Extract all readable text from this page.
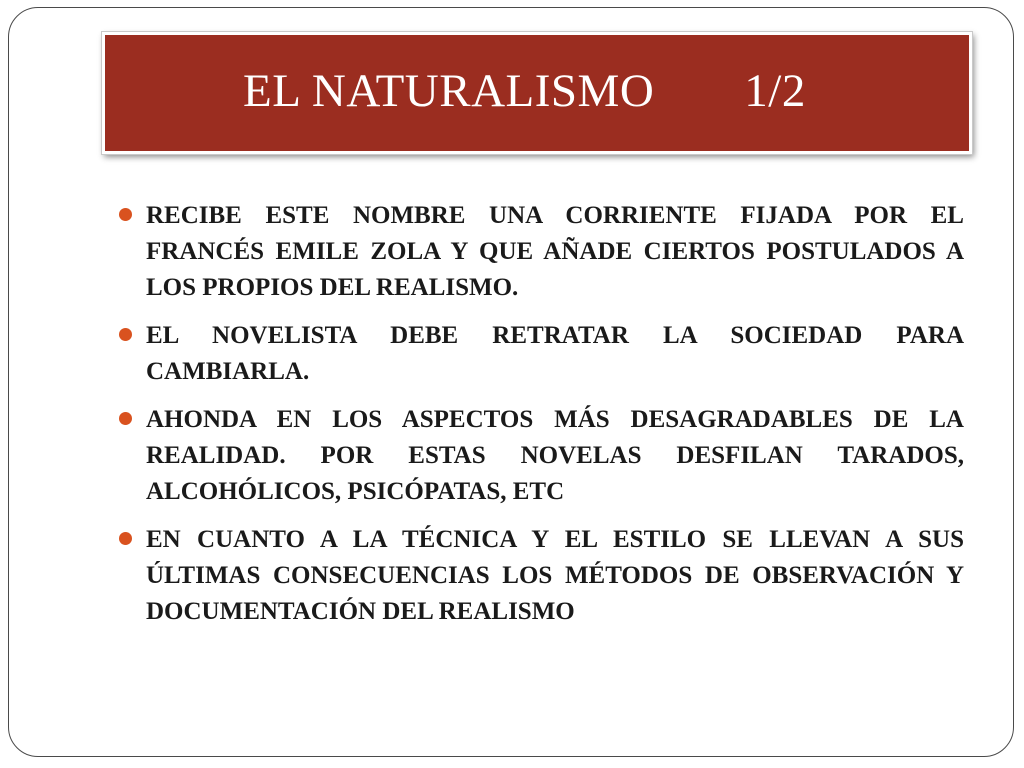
EL NATURALISMO 1/2
RECIBE ESTE NOMBRE UNA CORRIENTE FIJADA POR EL FRANCÉS EMILE ZOLA Y QUE AÑADE CIERTOS POSTULADOS A LOS PROPIOS DEL REALISMO.
EL NOVELISTA DEBE RETRATAR LA SOCIEDAD PARA CAMBIARLA.
AHONDA EN LOS ASPECTOS MÁS DESAGRADABLES DE LA REALIDAD. POR ESTAS NOVELAS DESFILAN TARADOS, ALCOHÓLICOS, PSICÓPATAS, ETC
EN CUANTO A LA TÉCNICA Y EL ESTILO SE LLEVAN A SUS ÚLTIMAS CONSECUENCIAS LOS MÉTODOS DE OBSERVACIÓN Y DOCUMENTACIÓN DEL REALISMO
